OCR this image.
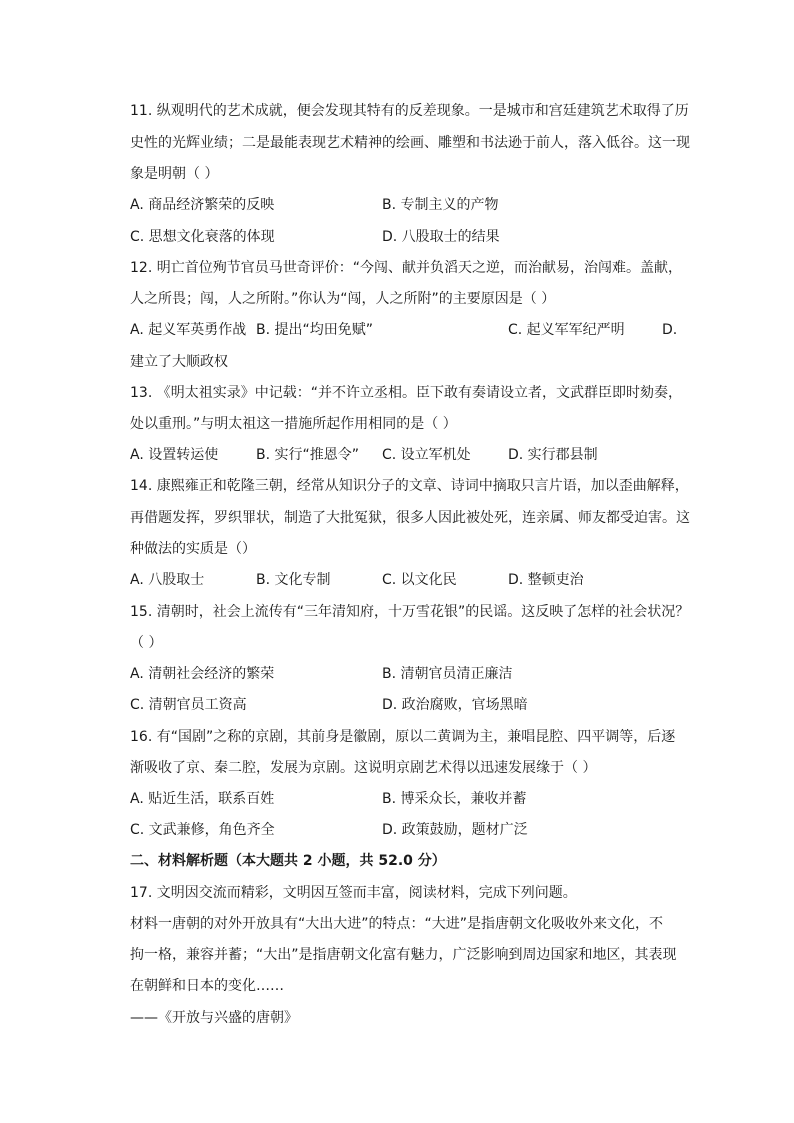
11. 纵观明代的艺术成就，便会发现其特有的反差现象。一是城市和宫廷建筑艺术取得了历
史性的光辉业绩；二是最能表现艺术精神的绘画、雕塑和书法逊于前人，落入低谷。这一现
象是明朝（ ）
A. 商品经济繁荣的反映	B. 专制主义的产物
C. 思想文化衰落的体现	D. 八股取士的结果
12. 明亡首位殉节官员马世奇评价：“今闯、献并负滔天之逆，而治献易，治闯难。盖献，
人之所畏；闯，人之所附。”你认为“闯，人之所附”的主要原因是（ ）
A. 起义军英勇作战 B. 提出“均田免赋”	C. 起义军军纪严明	D.
建立了大顺政权
13. 《明太祖实录》中记载：“并不许立丞相。臣下敢有奏请设立者，文武群臣即时劾奏，
处以重刑。”与明太祖这一措施所起作用相同的是（ ）
A. 设置转运使	B. 实行“推恩令” C. 设立军机处	D. 实行郡县制
14. 康熙雍正和乾隆三朝，经常从知识分子的文章、诗词中摘取只言片语，加以歪曲解释，
再借题发挥，罗织罪状，制造了大批冤狱，很多人因此被处死，连亲属、师友都受迫害。这
种做法的实质是（）
A. 八股取士	B. 文化专制	C. 以文化民	D. 整顿吏治
15. 清朝时，社会上流传有“三年清知府，十万雪花银”的民谣。这反映了怎样的社会状况？
（ ）
A. 清朝社会经济的繁荣	B. 清朝官员清正廉洁
C. 清朝官员工资高	D. 政治腐败，官场黑暗
16. 有“国剧”之称的京剧，其前身是徽剧，原以二黄调为主，兼唱昆腔、四平调等，后逐
渐吸收了京、秦二腔，发展为京剧。这说明京剧艺术得以迅速发展缘于（ ）
A. 贴近生活，联系百姓	B. 博采众长，兼收并蓄
C. 文武兼修，角色齐全	D. 政策鼓励，题材广泛
二、材料解析题（本大题共 2 小题，共 52.0 分）
17. 文明因交流而精彩，文明因互签而丰富，阅读材料，完成下列问题。
材料一唐朝的对外开放具有“大出大进”的特点：“大进”是指唐朝文化吸收外来文化，不
拘一格，兼容并蓄；“大出”是指唐朝文化富有魅力，广泛影响到周边国家和地区，其表现
在朝鲜和日本的变化……
——《开放与兴盛的唐朝》
